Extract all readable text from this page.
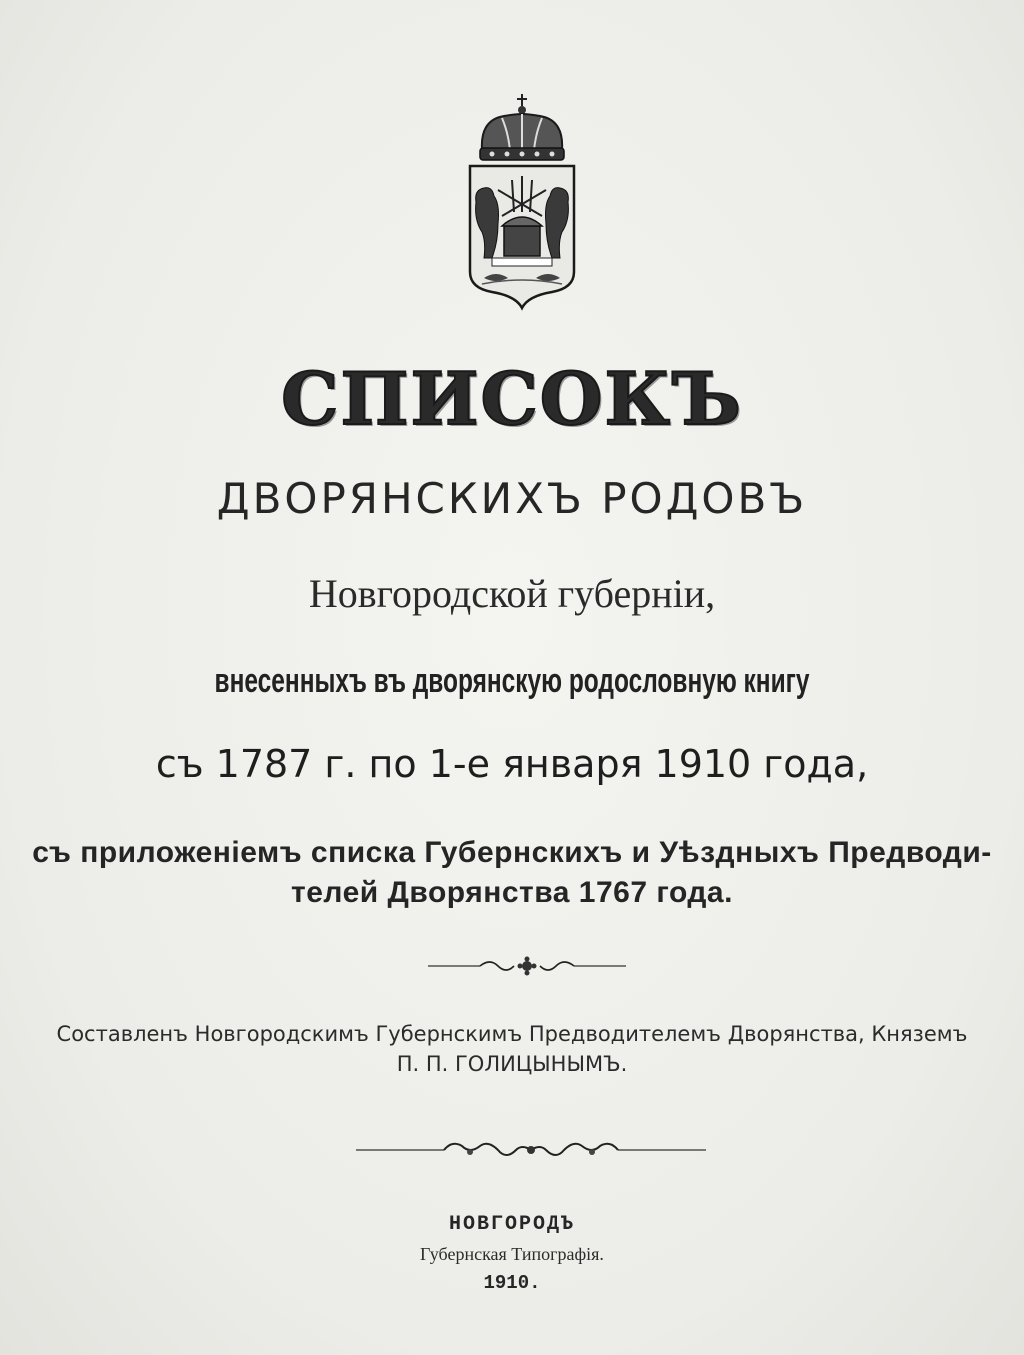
СПИСОКЪ
ДВОРЯНСКИХЪ РОДОВЪ
Новгородской губерніи,
внесенныхъ въ дворянскую родословную книгу
съ 1787 г. по 1-е января 1910 года,
съ приложеніемъ списка Губернскихъ и Уѣздныхъ Предводи-
телей Дворянства 1767 года.
Составленъ Новгородскимъ Губернскимъ Предводителемъ Дворянства, Княземъ
П. П. ГОЛИЦЫНЫМЪ.
НОВГОРОДЪ
Губернская Типографія.
1910.
